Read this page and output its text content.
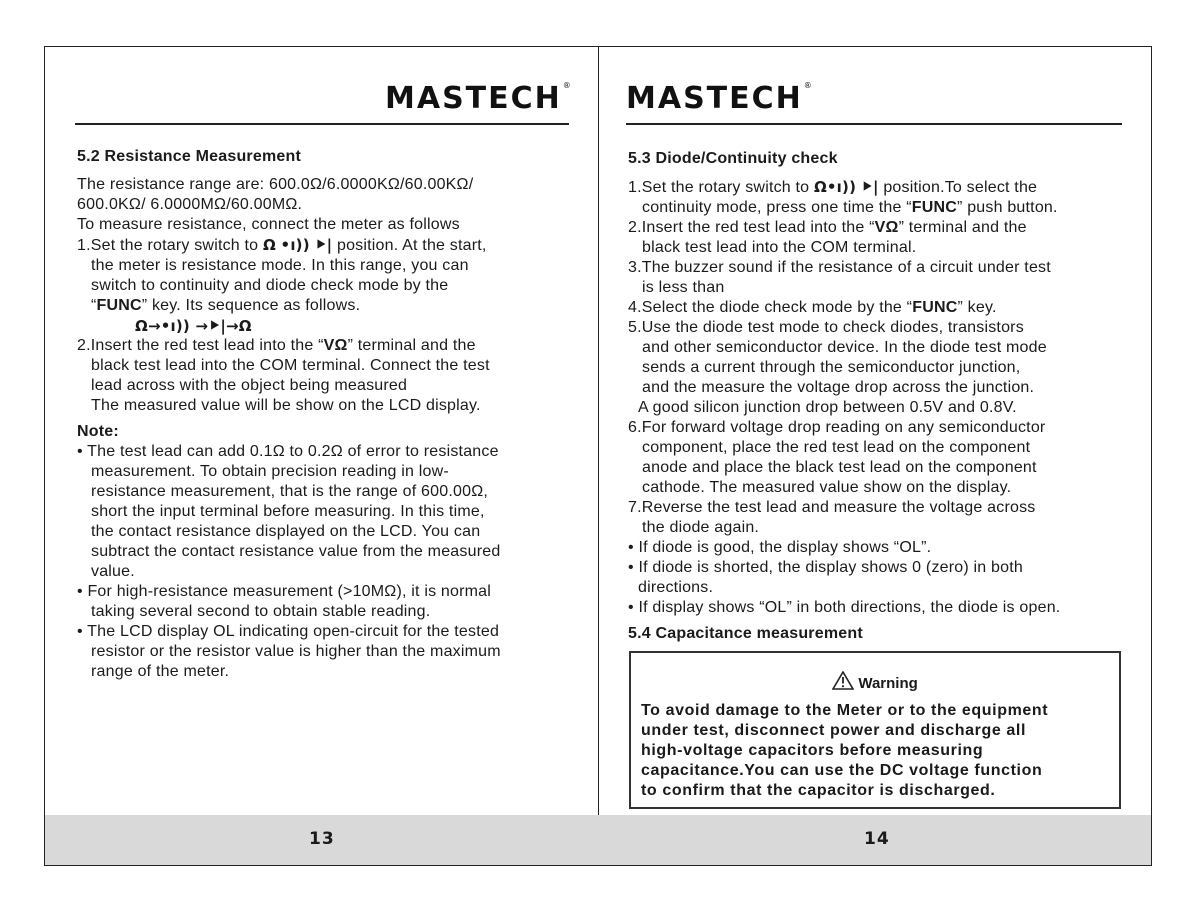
MASTECH®
5.2 Resistance Measurement
The resistance range are: 600.0Ω/6.0000KΩ/60.00KΩ/
600.0KΩ/ 6.0000MΩ/60.00MΩ.
To measure resistance, connect the meter as follows
1.Set the rotary switch to Ω •ı)) ⯈| position. At the start,
the meter is resistance mode. In this range, you can
switch to continuity and diode check mode by the
“FUNC” key. Its sequence as follows.
Ω→•ı)) →⯈|→Ω
2.Insert the red test lead into the “VΩ” terminal and the
black test lead into the COM terminal. Connect the test
lead across with the object being measured
The measured value will be show on the LCD display.
Note:
• The test lead can add 0.1Ω to 0.2Ω of error to resistance
measurement. To obtain precision reading in low-
resistance measurement, that is the range of 600.00Ω,
short the input terminal before measuring. In this time,
the contact resistance displayed on the LCD. You can
subtract the contact resistance value from the measured
value.
• For high-resistance measurement (>10MΩ), it is normal
taking several second to obtain stable reading.
• The LCD display OL indicating open-circuit for the tested
resistor or the resistor value is higher than the maximum
range of the meter.
13
MASTECH®
5.3 Diode/Continuity check
1.Set the rotary switch to Ω•ı)) ⯈| position.To select the
continuity mode, press one time the “FUNC” push button.
2.Insert the red test lead into the “VΩ” terminal and the
black test lead into the COM terminal.
3.The buzzer sound if the resistance of a circuit under test
is less than
4.Select the diode check mode by the “FUNC” key.
5.Use the diode test mode to check diodes, transistors
and other semiconductor device. In the diode test mode
sends a current through the semiconductor junction,
and the measure the voltage drop across the junction.
A good silicon junction drop between 0.5V and 0.8V.
6.For forward voltage drop reading on any semiconductor
component, place the red test lead on the component
anode and place the black test lead on the component
cathode. The measured value show on the display.
7.Reverse the test lead and measure the voltage across
the diode again.
• If diode is good, the display shows “OL”.
• If diode is shorted, the display shows 0 (zero) in both
directions.
• If display shows “OL” in both directions, the diode is open.
5.4 Capacitance measurement
Warning
To avoid damage to the Meter or to the equipment
under test, disconnect power and discharge all
high-voltage capacitors before measuring
capacitance.You can use the DC voltage function
to confirm that the capacitor is discharged.
14
